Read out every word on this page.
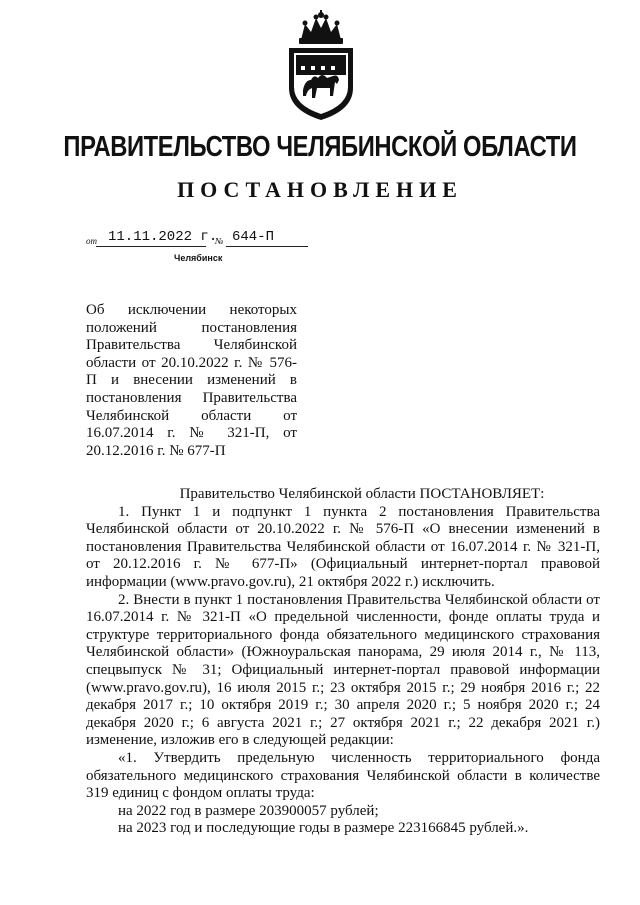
ПРАВИТЕЛЬСТВО ЧЕЛЯБИНСКОЙ ОБЛАСТИ
ПОСТАНОВЛЕНИЕ
от 11.11.2022 г.
№ 644-П
Челябинск
Об исключении некоторых положений постановления Правительства Челябинской области от 20.10.2022 г. № 576-П и внесении изменений в постановления Правительства Челябинской области от 16.07.2014 г. № 321-П, от 20.12.2016 г. № 677-П

Правительство Челябинской области ПОСТАНОВЛЯЕТ:

1. Пункт 1 и подпункт 1 пункта 2 постановления Правительства Челябинской области от 20.10.2022 г. № 576-П «О внесении изменений в постановления Правительства Челябинской области от 16.07.2014 г. № 321-П, от 20.12.2016 г. № 677-П» (Официальный интернет-портал правовой информации (www.pravo.gov.ru), 21 октября 2022 г.) исключить.

2. Внести в пункт 1 постановления Правительства Челябинской области от 16.07.2014 г. № 321-П «О предельной численности, фонде оплаты труда и структуре территориального фонда обязательного медицинского страхования Челябинской области» (Южноуральская панорама, 29 июля 2014 г., № 113, спецвыпуск № 31; Официальный интернет-портал правовой информации (www.pravo.gov.ru), 16 июля 2015 г.; 23 октября 2015 г.; 29 ноября 2016 г.; 22 декабря 2017 г.; 10 октября 2019 г.; 30 апреля 2020 г.; 5 ноября 2020 г.; 24 декабря 2020 г.; 6 августа 2021 г.; 27 октября 2021 г.; 22 декабря 2021 г.) изменение, изложив его в следующей редакции:

«1. Утвердить предельную численность территориального фонда обязательного медицинского страхования Челябинской области в количестве 319 единиц с фондом оплаты труда:

на 2022 год в размере 203900057 рублей;

на 2023 год и последующие годы в размере 223166845 рублей.».
